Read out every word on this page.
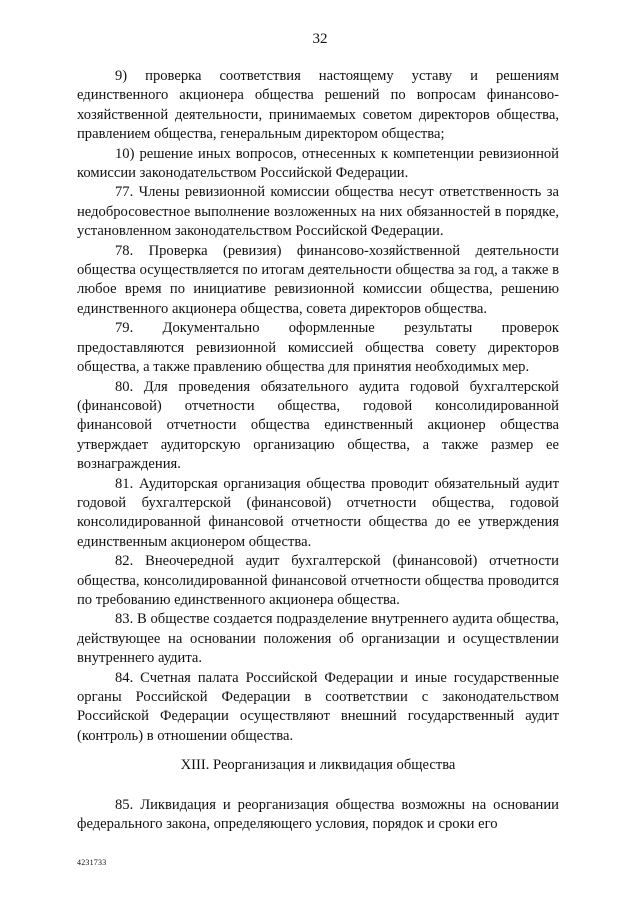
32

9) проверка соответствия настоящему уставу и решениям единственного акционера общества решений по вопросам финансово-хозяйственной деятельности, принимаемых советом директоров общества, правлением общества, генеральным директором общества;

10) решение иных вопросов, отнесенных к компетенции ревизионной комиссии законодательством Российской Федерации.

77. Члены ревизионной комиссии общества несут ответственность за недобросовестное выполнение возложенных на них обязанностей в порядке, установленном законодательством Российской Федерации.

78. Проверка (ревизия) финансово-хозяйственной деятельности общества осуществляется по итогам деятельности общества за год, а также в любое время по инициативе ревизионной комиссии общества, решению единственного акционера общества, совета директоров общества.

79. Документально оформленные результаты проверок предоставляются ревизионной комиссией общества совету директоров общества, а также правлению общества для принятия необходимых мер.

80. Для проведения обязательного аудита годовой бухгалтерской (финансовой) отчетности общества, годовой консолидированной финансовой отчетности общества единственный акционер общества утверждает аудиторскую организацию общества, а также размер ее вознаграждения.

81. Аудиторская организация общества проводит обязательный аудит годовой бухгалтерской (финансовой) отчетности общества, годовой консолидированной финансовой отчетности общества до ее утверждения единственным акционером общества.

82. Внеочередной аудит бухгалтерской (финансовой) отчетности общества, консолидированной финансовой отчетности общества проводится по требованию единственного акционера общества.

83. В обществе создается подразделение внутреннего аудита общества, действующее на основании положения об организации и осуществлении внутреннего аудита.

84. Счетная палата Российской Федерации и иные государственные органы Российской Федерации в соответствии с законодательством Российской Федерации осуществляют внешний государственный аудит (контроль) в отношении общества.

XIII. Реорганизация и ликвидация общества

85. Ликвидация и реорганизация общества возможны на основании федерального закона, определяющего условия, порядок и сроки его

4231733
